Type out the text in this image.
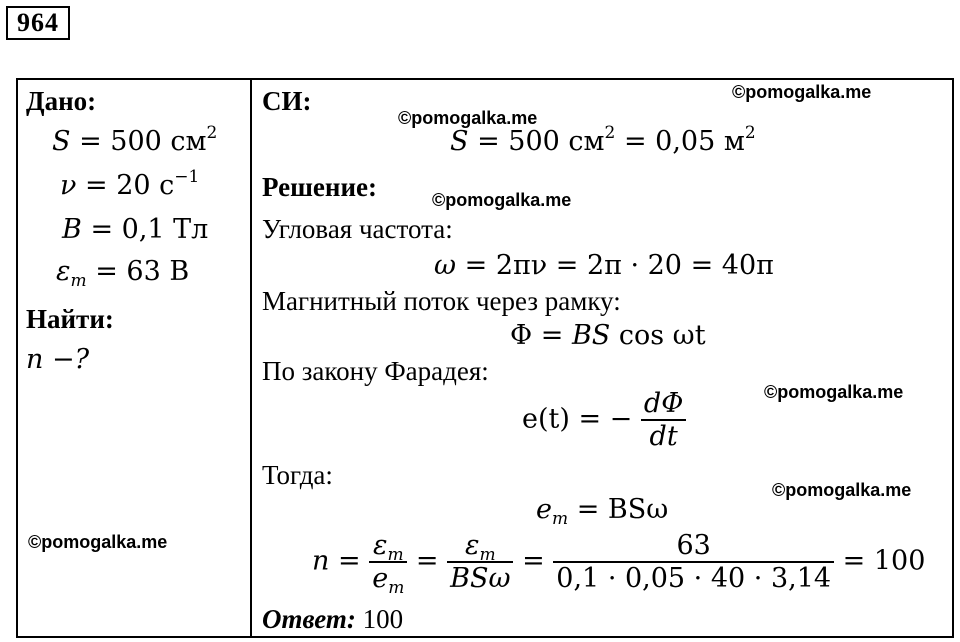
964
Дано:
S = 500 $см^2$
ν = 20 $с^{-1}$
B = 0,1 Тл
$\varepsilon_m = 63$ В
Найти:
n −?
©pomogalka.me
СИ:	©pomogalka.me
©pomogalka.me
S = 500 $см^2 = 0,05$ $м^2$
Решение:	©pomogalka.me
Угловая частота:
ω = 2πν = 2π · 20 = 40π
Магнитный поток через рамку:
Φ = BS cos ωt
По закону Фарадея:
©pomogalka.me
e(t) = − $\frac{d\Phi}{dt}$
Тогда:	©pomogalka.me
$e_m = BS\omega$
$n = \frac{\varepsilon_m}{e_m} = \frac{\varepsilon_m}{\text{BSω}} = \frac{63}{0,1 \cdot 0,05 \cdot 40 \cdot 3,14} = 100$
Ответ: 100
